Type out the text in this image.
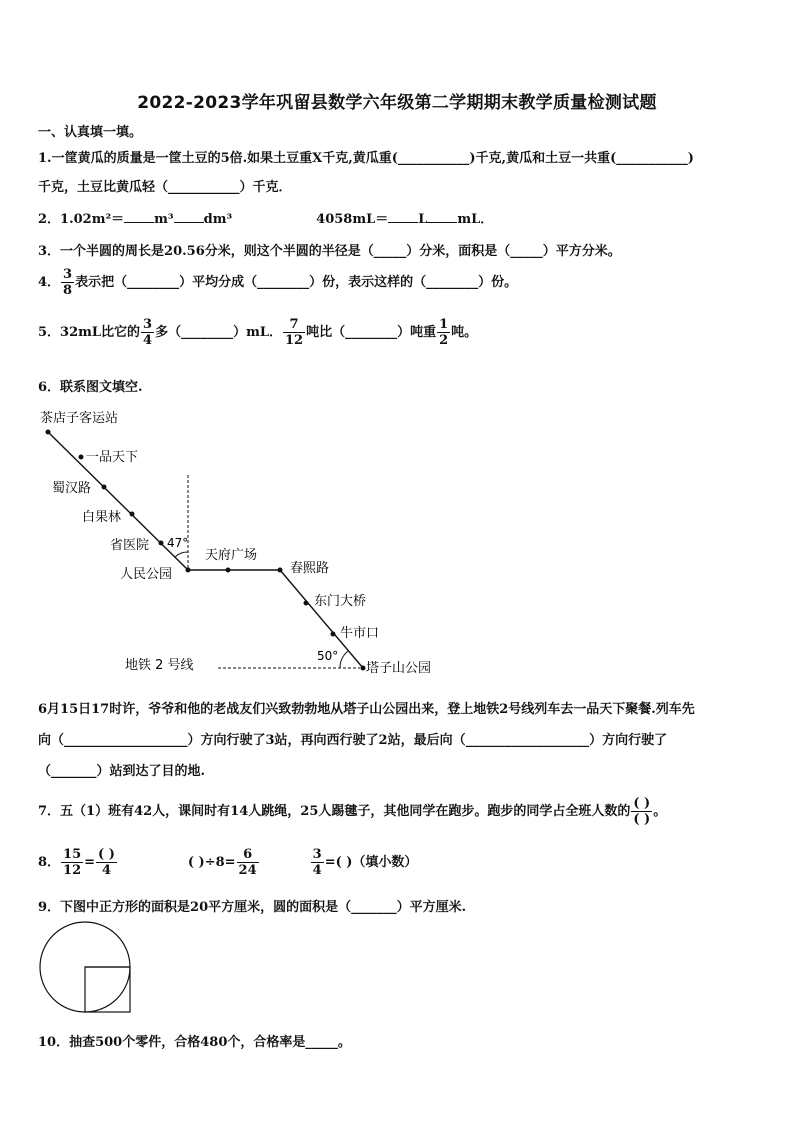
2022-2023学年巩留县数学六年级第二学期期末教学质量检测试题
一、认真填一填。
1.一筐黄瓜的质量是一筐土豆的5倍.如果土豆重X千克,黄瓜重(___________)千克,黄瓜和土豆一共重(___________)
千克，土豆比黄瓜轻（___________）千克．
2．1.02m²＝ m³ dm³	4058mL＝ L mL．
3．一个半圆的周长是20.56分米，则这个半圆的半径是（_____）分米，面积是（_____）平方分米。
4． $\frac{3}{8}$ 表示把（________）平均分成（________）份，表示这样的（________）份。
5．32mL比它的 $\frac{3}{4}$ 多（________）mL． $\frac{7}{12}$ 吨比（________）吨重 $\frac{1}{2}$ 吨。
6．联系图文填空.
茶店子客运站
一品天下
蜀汉路
白果林
省医院
人民公园
天府广场
春熙路
东门大桥
牛市口
塔子山公园
47°
50°
地铁 2 号线
6月15日17时许，爷爷和他的老战友们兴致勃勃地从塔子山公园出来，登上地铁2号线列车去一品天下聚餐.列车先
向（___________________）方向行驶了3站，再向西行驶了2站，最后向（___________________）方向行驶了
（_______）站到达了目的地.
7．五（1）班有42人，课间时有14人跳绳，25人踢毽子，其他同学在跑步。跑步的同学占全班人数的 $\frac{( )}{( )}$ 。
8． $\frac{15}{12} = \frac{( )}{4}$	( )$\div 8= \frac{6}{24}$	$\frac{3}{4}$ =( )（填小数）
9．下图中正方形的面积是20平方厘米，圆的面积是（_______）平方厘米.
10．抽查500个零件，合格480个，合格率是_____。
